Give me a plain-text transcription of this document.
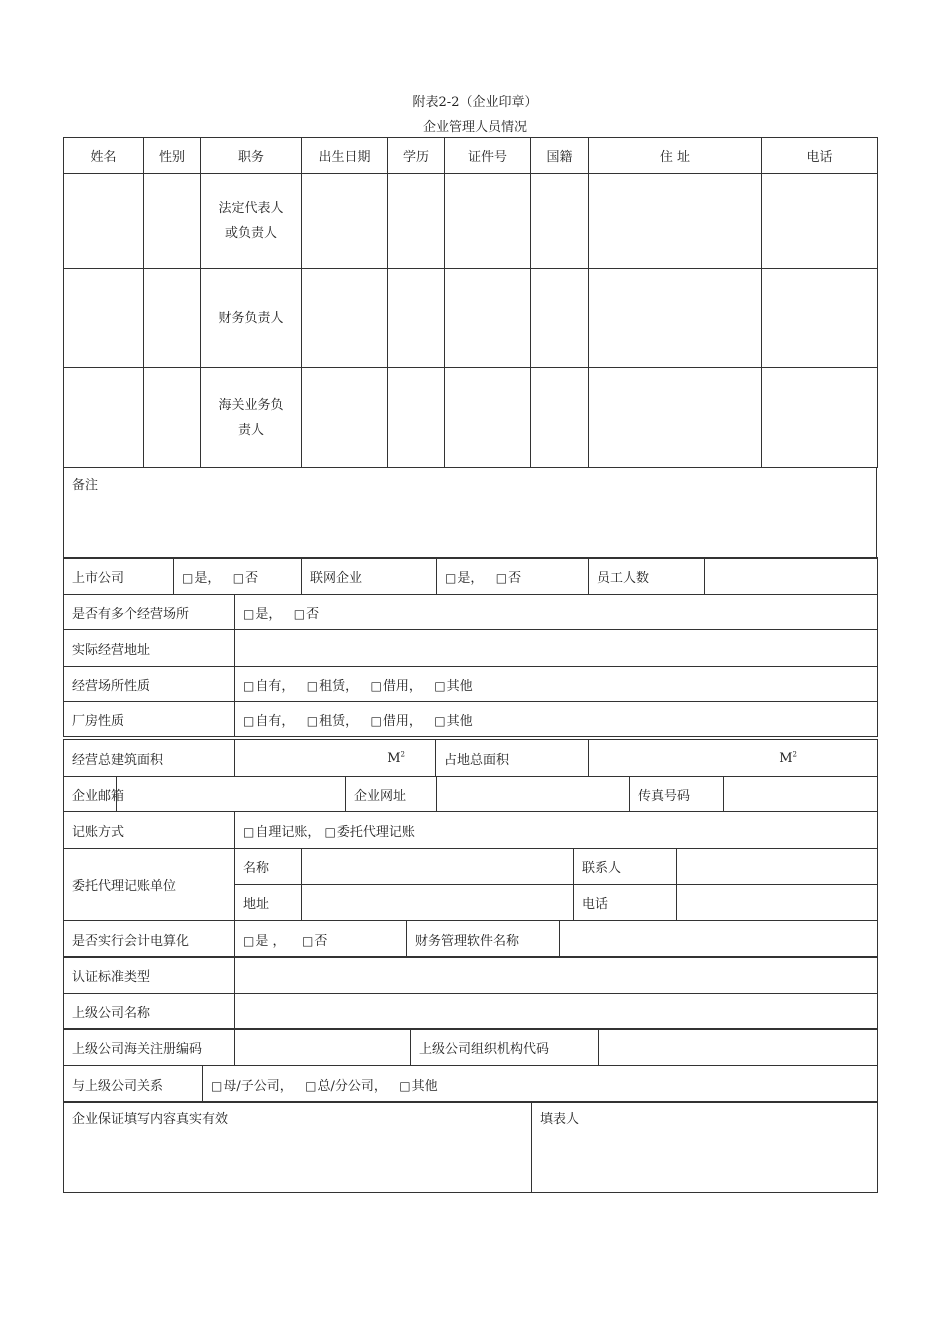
附表2-2（企业印章）
企业管理人员情况
姓名	性别	职务	出生日期	学历	证件号	国籍	住 址	电话
		法定代表人
或负责人						
		财务负责人						
		海关业务负
责人						
备注
上市公司	□是， □否	联网企业	□是， □否	员工人数	
是否有多个经营场所	□是， □否
实际经营地址	
经营场所性质	□自有， □租赁， □借用， □其他
厂房性质	□自有， □租赁， □借用， □其他
经营总建筑面积	$M^2$	占地总面积	$M^2$
企业邮箱		企业网址		传真号码	
记账方式	□自理记账， □委托代理记账
委托代理记账单位	名称		联系人	
	地址		电话	
是否实行会计电算化	□是 ， □否	财务管理软件名称	
认证标准类型	
上级公司名称	
上级公司海关注册编码		上级公司组织机构代码	
与上级公司关系	□母/子公司， □总/分公司， □其他
企业保证填写内容真实有效	填表人
